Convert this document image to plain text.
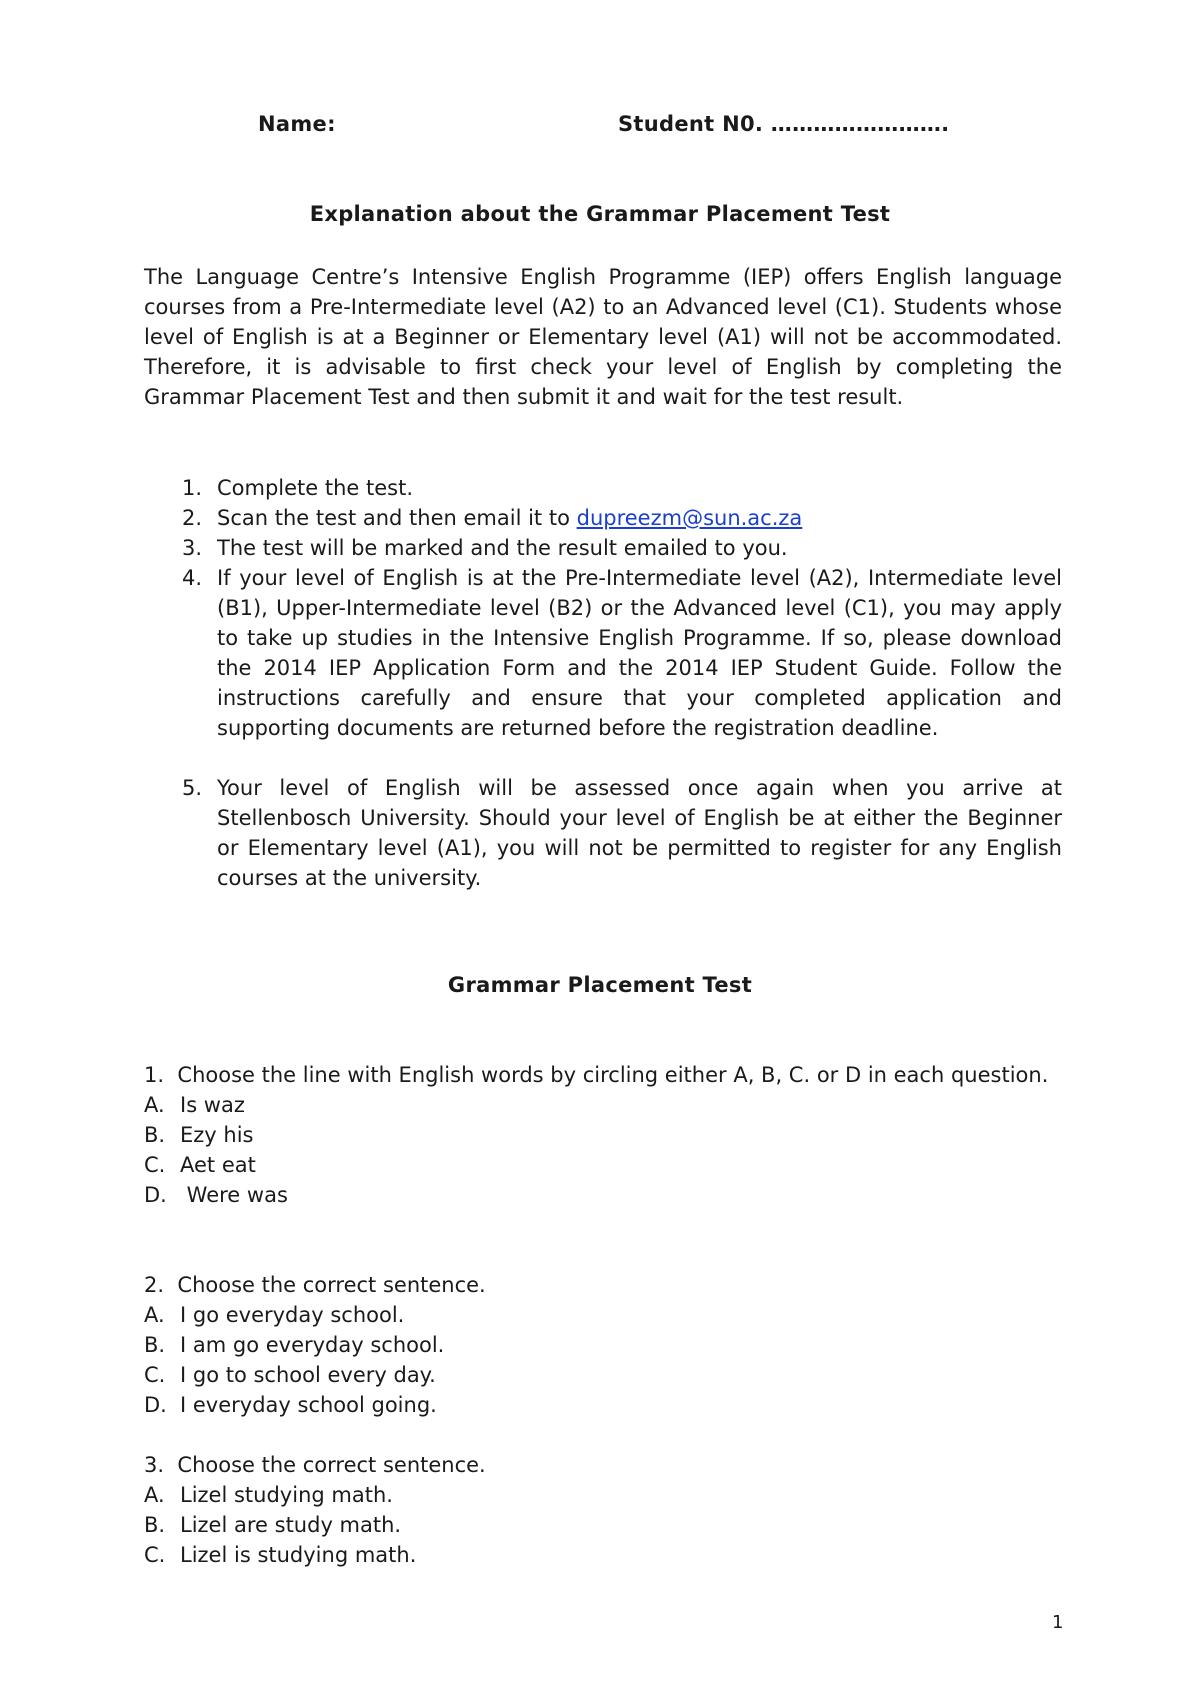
Name:	Student N0. …………………….
Explanation about the Grammar Placement Test

The Language Centre’s Intensive English Programme (IEP) offers English language courses from a Pre-Intermediate level (A2) to an Advanced level (C1). Students whose level of English is at a Beginner or Elementary level (A1) will not be accommodated. Therefore, it is advisable to first check your level of English by completing the Grammar Placement Test and then submit it and wait for the test result.

1. Complete the test.
2. Scan the test and then email it to dupreezm@sun.ac.za
3. The test will be marked and the result emailed to you.
4. If your level of English is at the Pre-Intermediate level (A2), Intermediate level (B1), Upper-Intermediate level (B2) or the Advanced level (C1), you may apply to take up studies in the Intensive English Programme. If so, please download the 2014 IEP Application Form and the 2014 IEP Student Guide. Follow the instructions carefully and ensure that your completed application and supporting documents are returned before the registration deadline.
5. Your level of English will be assessed once again when you arrive at Stellenbosch University. Should your level of English be at either the Beginner or Elementary level (A1), you will not be permitted to register for any English courses at the university.
Grammar Placement Test
1. Choose the line with English words by circling either A, B, C. or D in each question.
A. Is waz
B. Ezy his
C. Aet eat
D. Were was
2. Choose the correct sentence.
A. I go everyday school.
B. I am go everyday school.
C. I go to school every day.
D. I everyday school going.
3. Choose the correct sentence.
A. Lizel studying math.
B. Lizel are study math.
C. Lizel is studying math.
1
